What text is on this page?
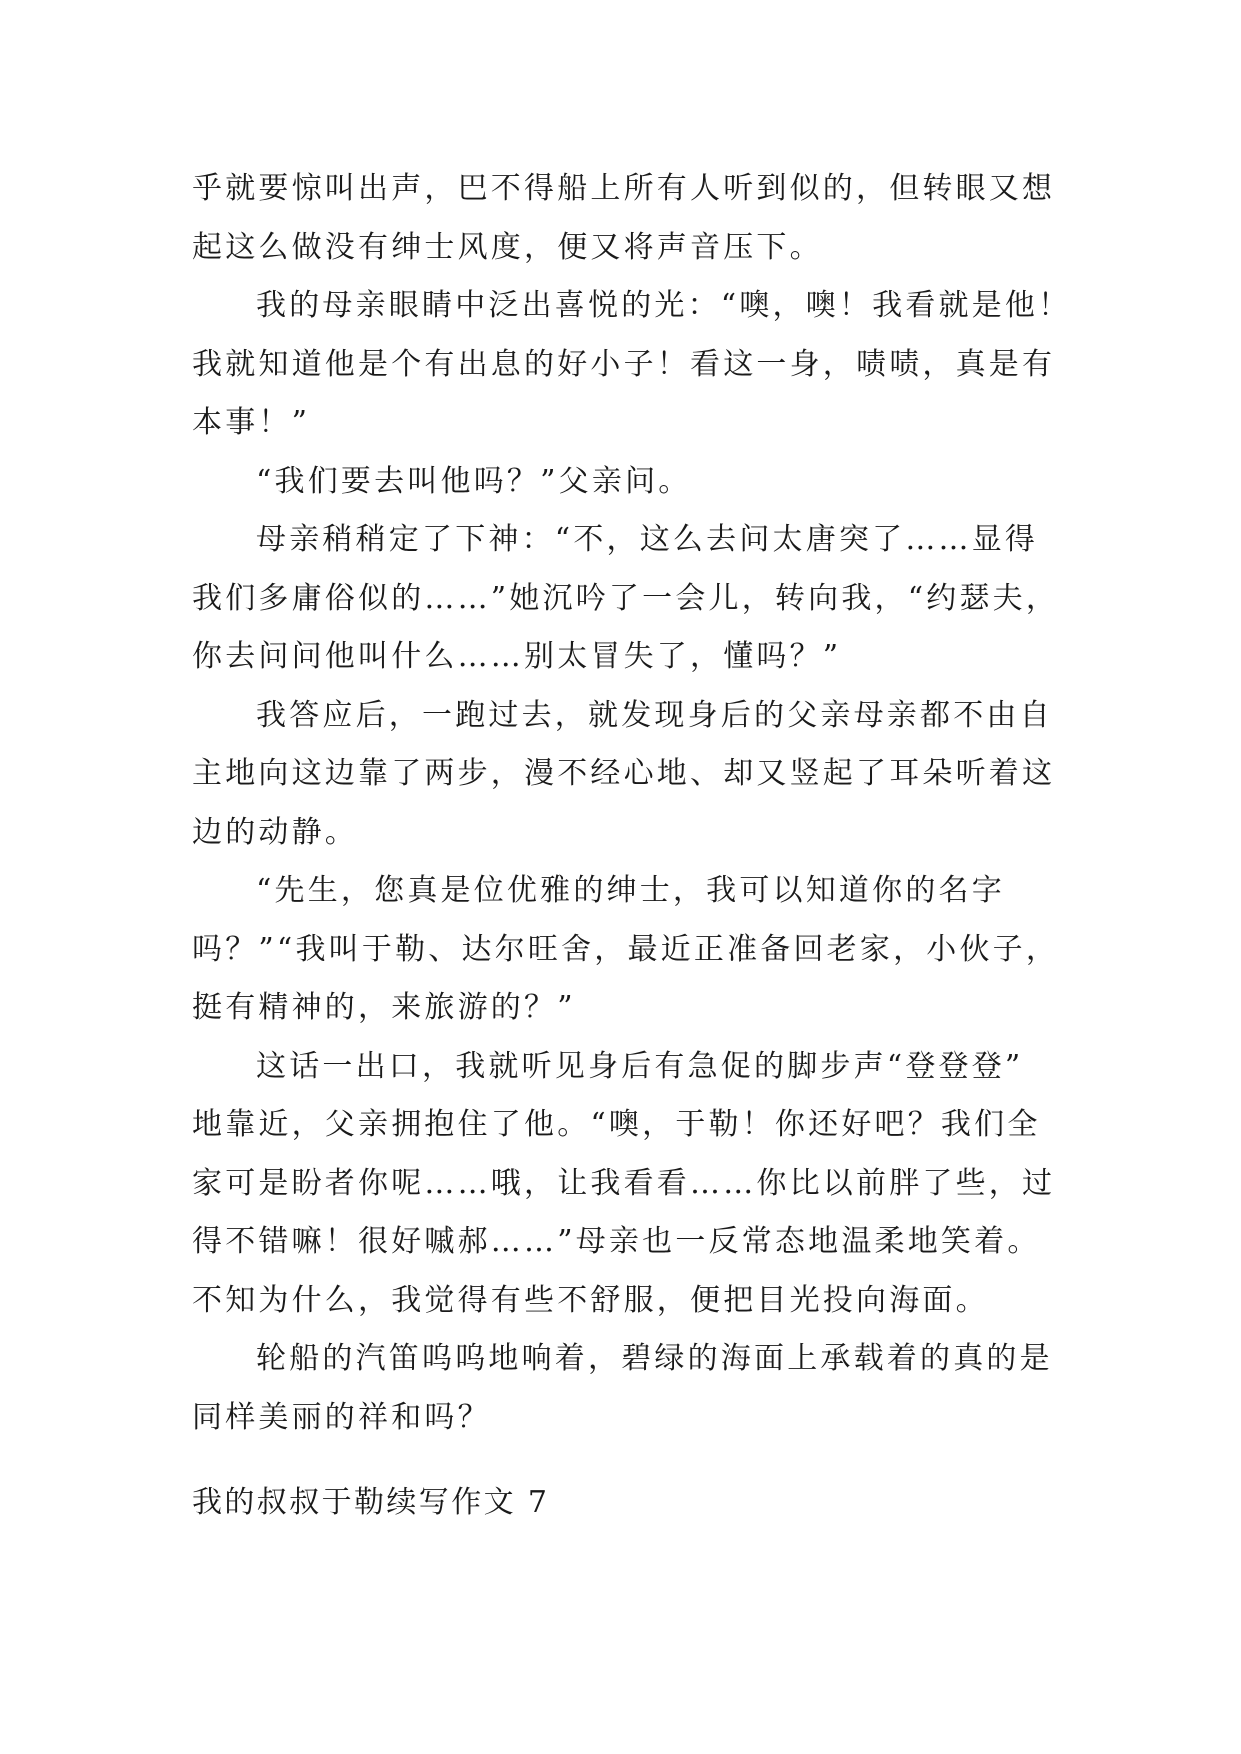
乎就要惊叫出声，巴不得船上所有人听到似的，但转眼又想
起这么做没有绅士风度，便又将声音压下。
我的母亲眼睛中泛出喜悦的光：“噢，噢！我看就是他！
我就知道他是个有出息的好小子！看这一身，啧啧，真是有
本事！”
“我们要去叫他吗？”父亲问。
母亲稍稍定了下神：“不，这么去问太唐突了……显得
我们多庸俗似的……”她沉吟了一会儿，转向我，“约瑟夫，
你去问问他叫什么……别太冒失了，懂吗？”
我答应后，一跑过去，就发现身后的父亲母亲都不由自
主地向这边靠了两步，漫不经心地、却又竖起了耳朵听着这
边的动静。
“先生，您真是位优雅的绅士，我可以知道你的名字
吗？”“我叫于勒、达尔旺舍，最近正准备回老家，小伙子，
挺有精神的，来旅游的？”
这话一出口，我就听见身后有急促的脚步声“登登登”
地靠近，父亲拥抱住了他。“噢，于勒！你还好吧？我们全
家可是盼者你呢……哦，让我看看……你比以前胖了些，过
得不错嘛！很好嘁郝……”母亲也一反常态地温柔地笑着。
不知为什么，我觉得有些不舒服，便把目光投向海面。
轮船的汽笛呜呜地响着，碧绿的海面上承载着的真的是
同样美丽的祥和吗？
我的叔叔于勒续写作文 7
